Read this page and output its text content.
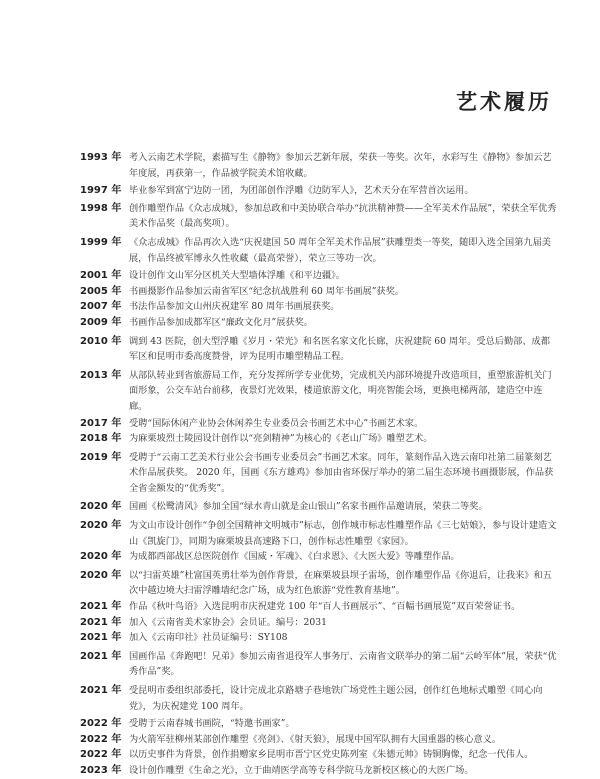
艺术履历
1993 年 考入云南艺术学院，素描写生《静物》参加云艺新年展，荣获一等奖。次年，水彩写生《静物》参加云艺年度展，再获第一，作品被学院美术馆收藏。
1997 年 毕业参军到富宁边防一团，为团部创作浮雕《边防军人》，艺术天分在军营首次运用。
1998 年 创作雕塑作品《众志成城》，参加总政和中美协联合举办“抗洪精神赞——全军美术作品展”，荣获全军优秀美术作品奖（最高奖项）。
1999 年 《众志成城》作品再次入选“庆祝建国 50 周年全军美术作品展”获雕塑类一等奖，随即入选全国第九届美展，作品终被军博永久性收藏（最高荣誉），荣立三等功一次。
2001 年 设计创作文山军分区机关大型墙体浮雕《和平边疆》。
2005 年 书画摄影作品参加云南省军区“纪念抗战胜利 60 周年书画展”获奖。
2007 年 书法作品参加文山州庆祝建军 80 周年书画展获奖。
2009 年 书画作品参加成都军区“廉政文化月”展获奖。
2010 年 调到 43 医院，创大型浮雕《岁月・荣光》和名医名家文化长廊，庆祝建院 60 周年。受总后勤部、成都军区和昆明市委高度赞誉，评为昆明市雕塑精品工程。
2013 年 从部队转业到省旅游局工作，充分发挥所学专业优势，完成机关内部环境提升改造项目，重塑旅游机关门面形象，公交车站台前移，夜景灯光效果，楼道旅游文化，明亮智能会场，更换电梯两部，建造空中连廊。
2017 年 受聘“国际休闲产业协会休闲养生专业委员会书画艺术中心”书画艺术家。
2018 年 为麻栗坡烈士陵园设计创作以“亮剑精神”为核心的《老山广场》雕塑艺术。
2019 年 受聘于“云南工艺美术行业公会书画专业委员会”书画艺术家。同年，篆刻作品入选云南印社第二届篆刻艺术作品展获奖。 2020 年，国画《东方雄鸡》参加由省环保厅举办的第二届生态环境书画摄影展，作品获全省金额发的“优秀奖”。
2020 年 国画《松鹭清风》参加全国“绿水青山就是金山银山”名家书画作品邀请展，荣获二等奖。
2020 年 为文山市设计创作“争创全国精神文明城市”标志，创作城市标志性雕塑作品《三七姑娘》，参与设计建造文山《凯旋门》，同期为麻栗坡县高速路下口，创作标志性雕塑《家园》。
2020 年 为成都西部战区总医院创作《国威・军魂》、《白求恩》、《大医大爱》等雕塑作品。
2020 年 以“扫雷英雄”杜富国英勇壮举为创作背景，在麻栗坡县坝子雷场，创作雕塑作品《你退后，让我来》和五次中越边境大扫雷浮雕墙纪念广场，成为红色旅游“党性教育基地”。
2021 年 作品《秋叶鸟语》入选昆明市庆祝建党 100 年“百人书画展示”、“百幅书画展览”双百荣誉证书。
2021 年 加入《云南省美术家协会》会员证。编号：2031
2021 年 加入《云南印社》社员证编号：SY108
2021 年 国画作品《奔跑吧！兄弟》参加云南省退役军人事务厅、云南省文联举办的第二届“云岭军体”展，荣获“优秀作品”奖。
2021 年 受昆明市委组织部委托，设计完成北京路塘子巷地铁广场党性主题公园，创作红色地标式雕塑《同心向党》，为庆祝建党 100 周年。
2022 年 受聘于云南春城书画院，“特邀书画家”。
2022 年 为火箭军驻柳州某部创作雕塑《亮剑》、《射天狼》，展现中国军队拥有大国重器的核心意义。
2022 年 以历史事件为背景，创作捐赠家乡昆明市晋宁区党史陈列室《朱德元帅》铸铜胸像，纪念一代伟人。
2023 年 设计创作雕塑《生命之光》，立于曲靖医学高等专科学院马龙新校区核心的大医广场。
